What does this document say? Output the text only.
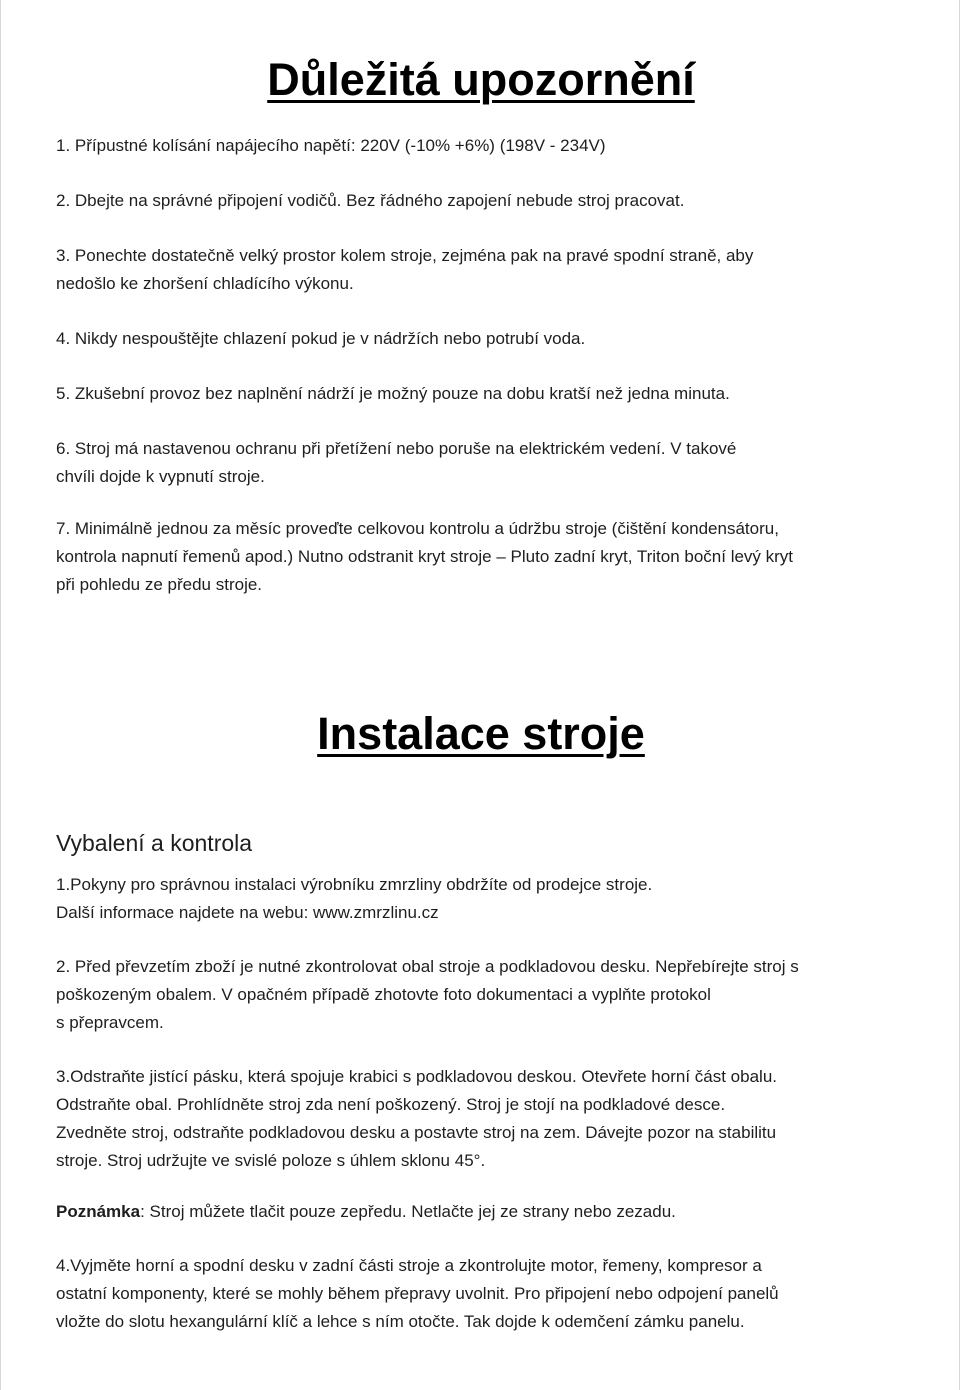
Důležitá upozornění

1. Přípustné kolísání napájecího napětí: 220V (-10% +6%) (198V - 234V)

2. Dbejte na správné připojení vodičů. Bez řádného zapojení nebude stroj pracovat.

3. Ponechte dostatečně velký prostor kolem stroje, zejména pak na pravé spodní straně, aby
nedošlo ke zhoršení chladícího výkonu.

4. Nikdy nespouštějte chlazení pokud je v nádržích nebo potrubí voda.

5. Zkušební provoz bez naplnění nádrží je možný pouze na dobu kratší než jedna minuta.

6. Stroj má nastavenou ochranu při přetížení nebo poruše na elektrickém vedení. V takové
chvíli dojde k vypnutí stroje.

7. Minimálně jednou za měsíc proveďte celkovou kontrolu a údržbu stroje (čištění kondensátoru,
kontrola napnutí řemenů apod.) Nutno odstranit kryt stroje – Pluto zadní kryt, Triton boční levý kryt
při pohledu ze předu stroje.

Instalace stroje
Vybalení a kontrola

1.Pokyny pro správnou instalaci výrobníku zmrzliny obdržíte od prodejce stroje.
Další informace najdete na webu: www.zmrzlinu.cz

2. Před převzetím zboží je nutné zkontrolovat obal stroje a podkladovou desku. Nepřebírejte stroj s
poškozeným obalem. V opačném případě zhotovte foto dokumentaci a vyplňte protokol
s přepravcem.

3.Odstraňte jistící pásku, která spojuje krabici s podkladovou deskou. Otevřete horní část obalu.
Odstraňte obal. Prohlídněte stroj zda není poškozený. Stroj je stojí na podkladové desce.
Zvedněte stroj, odstraňte podkladovou desku a postavte stroj na zem. Dávejte pozor na stabilitu
stroje. Stroj udržujte ve svislé poloze s úhlem sklonu 45°.

Poznámka: Stroj můžete tlačit pouze zepředu. Netlačte jej ze strany nebo zezadu.

4.Vyjměte horní a spodní desku v zadní části stroje a zkontrolujte motor, řemeny, kompresor a
ostatní komponenty, které se mohly během přepravy uvolnit. Pro připojení nebo odpojení panelů
vložte do slotu hexangulární klíč a lehce s ním otočte. Tak dojde k odemčení zámku panelu.
